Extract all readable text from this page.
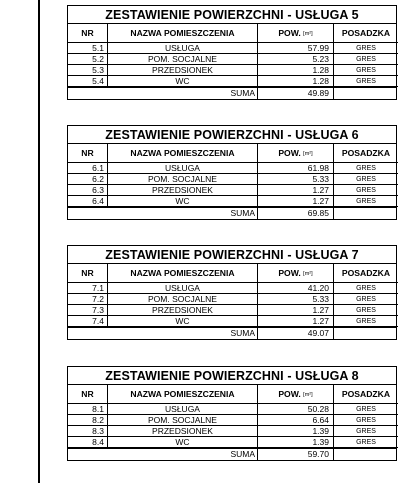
ZESTAWIENIE POWIERZCHNI - USŁUGA 5
NR	NAZWA POMIESZCZENIA	POW. [m²]	POSADZKA
5.1	USŁUGA	57.99	GRES
5.2	POM. SOCJALNE	5.23	GRES
5.3	PRZEDSIONEK	1.28	GRES
5.4	WC	1.28	GRES
SUMA	49.89
ZESTAWIENIE POWIERZCHNI - USŁUGA 6
NR	NAZWA POMIESZCZENIA	POW. [m²]	POSADZKA
6.1	USŁUGA	61.98	GRES
6.2	POM. SOCJALNE	5.33	GRES
6.3	PRZEDSIONEK	1.27	GRES
6.4	WC	1.27	GRES
SUMA	69.85
ZESTAWIENIE POWIERZCHNI - USŁUGA 7
NR	NAZWA POMIESZCZENIA	POW. [m²]	POSADZKA
7.1	USŁUGA	41.20	GRES
7.2	POM. SOCJALNE	5.33	GRES
7.3	PRZEDSIONEK	1.27	GRES
7.4	WC	1.27	GRES
SUMA	49.07
ZESTAWIENIE POWIERZCHNI - USŁUGA 8
NR	NAZWA POMIESZCZENIA	POW. [m²]	POSADZKA
8.1	USŁUGA	50.28	GRES
8.2	POM. SOCJALNE	6.64	GRES
8.3	PRZEDSIONEK	1.39	GRES
8.4	WC	1.39	GRES
SUMA	59.70
